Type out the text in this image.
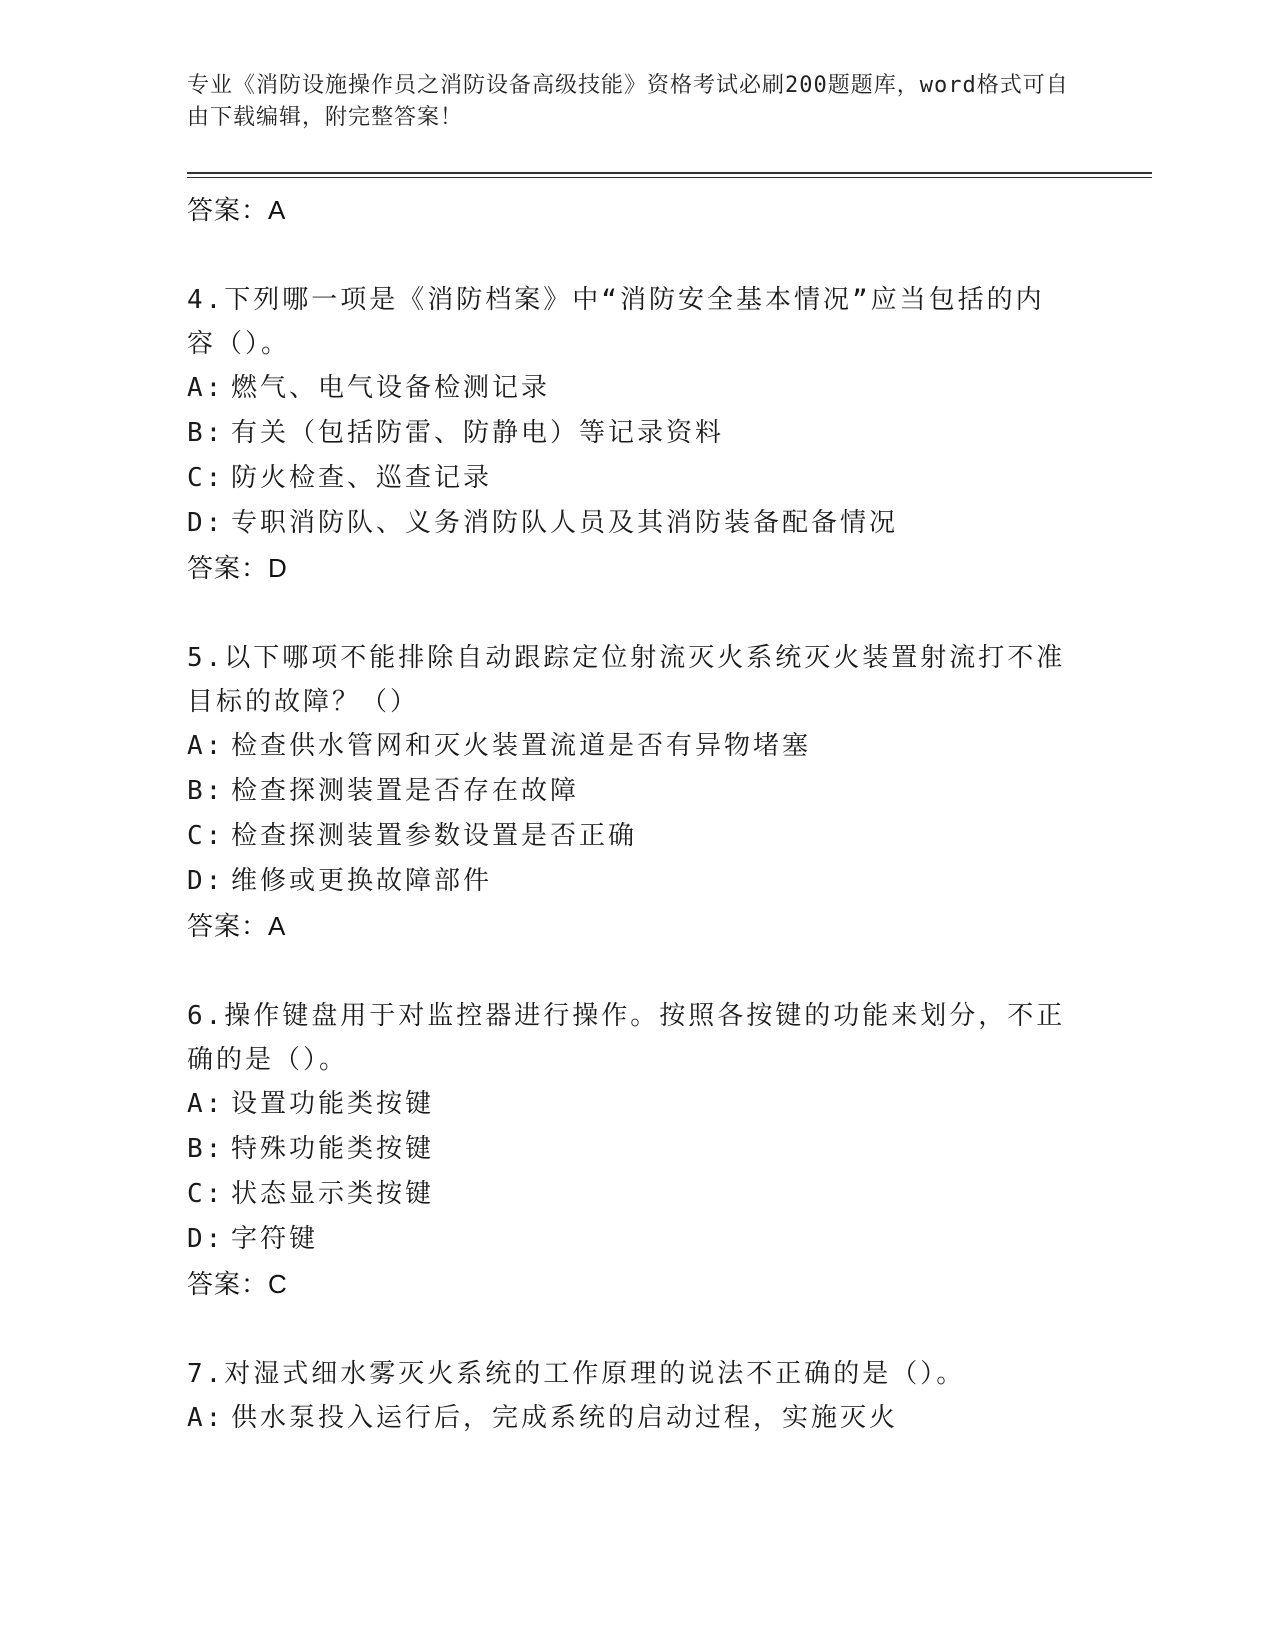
专业《消防设施操作员之消防设备高级技能》资格考试必刷200题题库，word格式可自由下载编辑，附完整答案！
答案：A
4.下列哪一项是《消防档案》中“消防安全基本情况”应当包括的内容（）。
A: 燃气、电气设备检测记录
B: 有关（包括防雷、防静电）等记录资料
C: 防火检查、巡查记录
D: 专职消防队、义务消防队人员及其消防装备配备情况
答案：D
5.以下哪项不能排除自动跟踪定位射流灭火系统灭火装置射流打不准目标的故障？（）
A: 检查供水管网和灭火装置流道是否有异物堵塞
B: 检查探测装置是否存在故障
C: 检查探测装置参数设置是否正确
D: 维修或更换故障部件
答案：A
6.操作键盘用于对监控器进行操作。按照各按键的功能来划分，不正确的是（）。
A: 设置功能类按键
B: 特殊功能类按键
C: 状态显示类按键
D: 字符键
答案：C
7.对湿式细水雾灭火系统的工作原理的说法不正确的是（）。
A: 供水泵投入运行后，完成系统的启动过程，实施灭火
